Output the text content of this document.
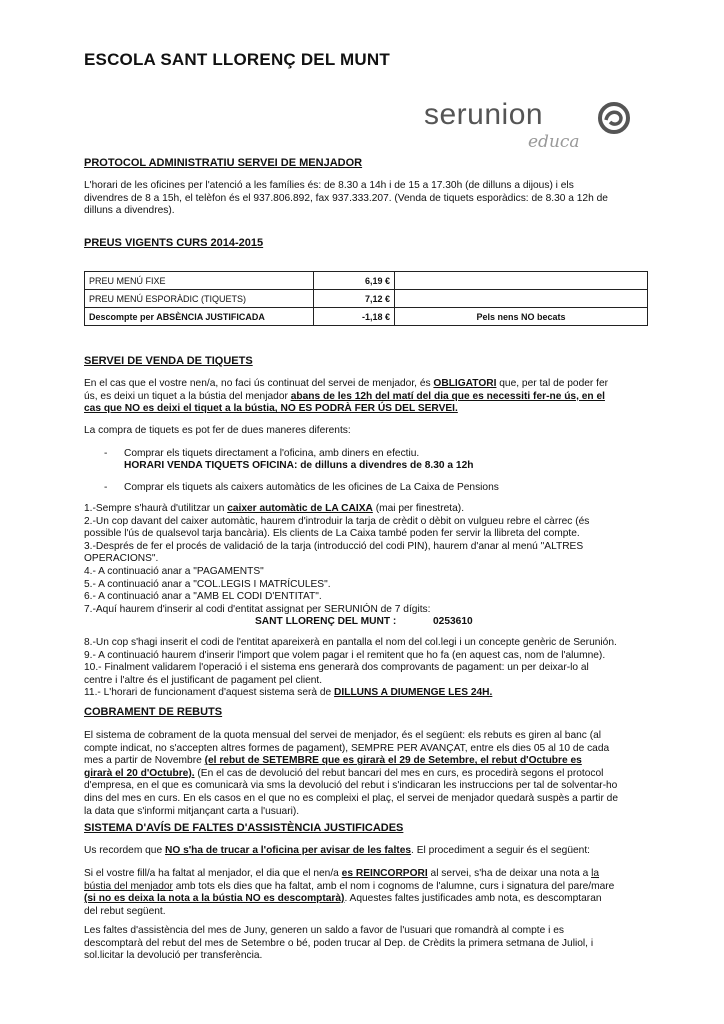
ESCOLA SANT LLORENÇ DEL MUNT
serunion
educa
PROTOCOL ADMINISTRATIU SERVEI DE MENJADOR
L'horari de les oficines per l'atenció a les famílies és: de 8.30 a 14h i de 15 a 17.30h (de dilluns a dijous) i els
divendres de 8 a 15h, el telèfon és el 937.806.892, fax 937.333.207. (Venda de tiquets esporàdics: de 8.30 a 12h de
dilluns a divendres).
PREUS VIGENTS CURS 2014-2015
PREU MENÚ FIXE	6,19 €	
PREU MENÚ ESPORÀDIC (TIQUETS)	7,12 €	
Descompte per ABSÈNCIA JUSTIFICADA	-1,18 €	Pels nens NO becats
SERVEI DE VENDA DE TIQUETS
En el cas que el vostre nen/a, no faci ús continuat del servei de menjador, és OBLIGATORI que, per tal de poder fer
ús, es deixi un tiquet a la bústia del menjador abans de les 12h del matí del dia que es necessiti fer-ne ús, en el
cas que NO es deixi el tiquet a la bústia, NO ES PODRÀ FER ÚS DEL SERVEI.
La compra de tiquets es pot fer de dues maneres diferents:
- Comprar els tiquets directament a l'oficina, amb diners en efectiu.
HORARI VENDA TIQUETS OFICINA: de dilluns a divendres de 8.30 a 12h
- Comprar els tiquets als caixers automàtics de les oficines de La Caixa de Pensions
1.-Sempre s'haurà d'utilitzar un caixer automàtic de LA CAIXA (mai per finestreta).
2.-Un cop davant del caixer automàtic, haurem d'introduir la tarja de crèdit o dèbit on vulgueu rebre el càrrec (és
possible l'ús de qualsevol tarja bancària). Els clients de La Caixa també poden fer servir la llibreta del compte.
3.-Després de fer el procés de validació de la tarja (introducció del codi PIN), haurem d'anar al menú "ALTRES
OPERACIONS".
4.- A continuació anar a "PAGAMENTS"
5.- A continuació anar a "COL.LEGIS I MATRÍCULES".
6.- A continuació anar a "AMB EL CODI D'ENTITAT".
7.-Aquí haurem d'inserir al codi d'entitat assignat per SERUNIÓN de 7 dígits:
SANT LLORENÇ DEL MUNT :	0253610
8.-Un cop s'hagi inserit el codi de l'entitat apareixerà en pantalla el nom del col.legi i un concepte genèric de Serunión.
9.- A continuació haurem d'inserir l'import que volem pagar i el remitent que ho fa (en aquest cas, nom de l'alumne).
10.- Finalment validarem l'operació i el sistema ens generarà dos comprovants de pagament: un per deixar-lo al
centre i l'altre és el justificant de pagament pel client.
11.- L'horari de funcionament d'aquest sistema serà de DILLUNS A DIUMENGE LES 24H.
COBRAMENT DE REBUTS
El sistema de cobrament de la quota mensual del servei de menjador, és el següent: els rebuts es giren al banc (al
compte indicat, no s'accepten altres formes de pagament), SEMPRE PER AVANÇAT, entre els dies 05 al 10 de cada
mes a partir de Novembre (el rebut de SETEMBRE que es girarà el 29 de Setembre, el rebut d'Octubre es
girarà el 20 d'Octubre). (En el cas de devolució del rebut bancari del mes en curs, es procedirà segons el protocol
d'empresa, en el que es comunicarà via sms la devolució del rebut i s'indicaran les instruccions per tal de solventar-ho
dins del mes en curs. En els casos en el que no es compleixi el plaç, el servei de menjador quedarà suspès a partir de
la data que s'informi mitjançant carta a l'usuari).
SISTEMA D'AVÍS DE FALTES D'ASSISTÈNCIA JUSTIFICADES
Us recordem que NO s'ha de trucar a l'oficina per avisar de les faltes. El procediment a seguir és el següent:
Si el vostre fill/a ha faltat al menjador, el dia que el nen/a es REINCORPORI al servei, s'ha de deixar una nota a la
bústia del menjador amb tots els dies que ha faltat, amb el nom i cognoms de l'alumne, curs i signatura del pare/mare
(si no es deixa la nota a la bústia NO es descomptarà). Aquestes faltes justificades amb nota, es descomptaran
del rebut següent.
Les faltes d'assistència del mes de Juny, generen un saldo a favor de l'usuari que romandrà al compte i es
descomptarà del rebut del mes de Setembre o bé, poden trucar al Dep. de Crèdits la primera setmana de Juliol, i
sol.licitar la devolució per transferència.
